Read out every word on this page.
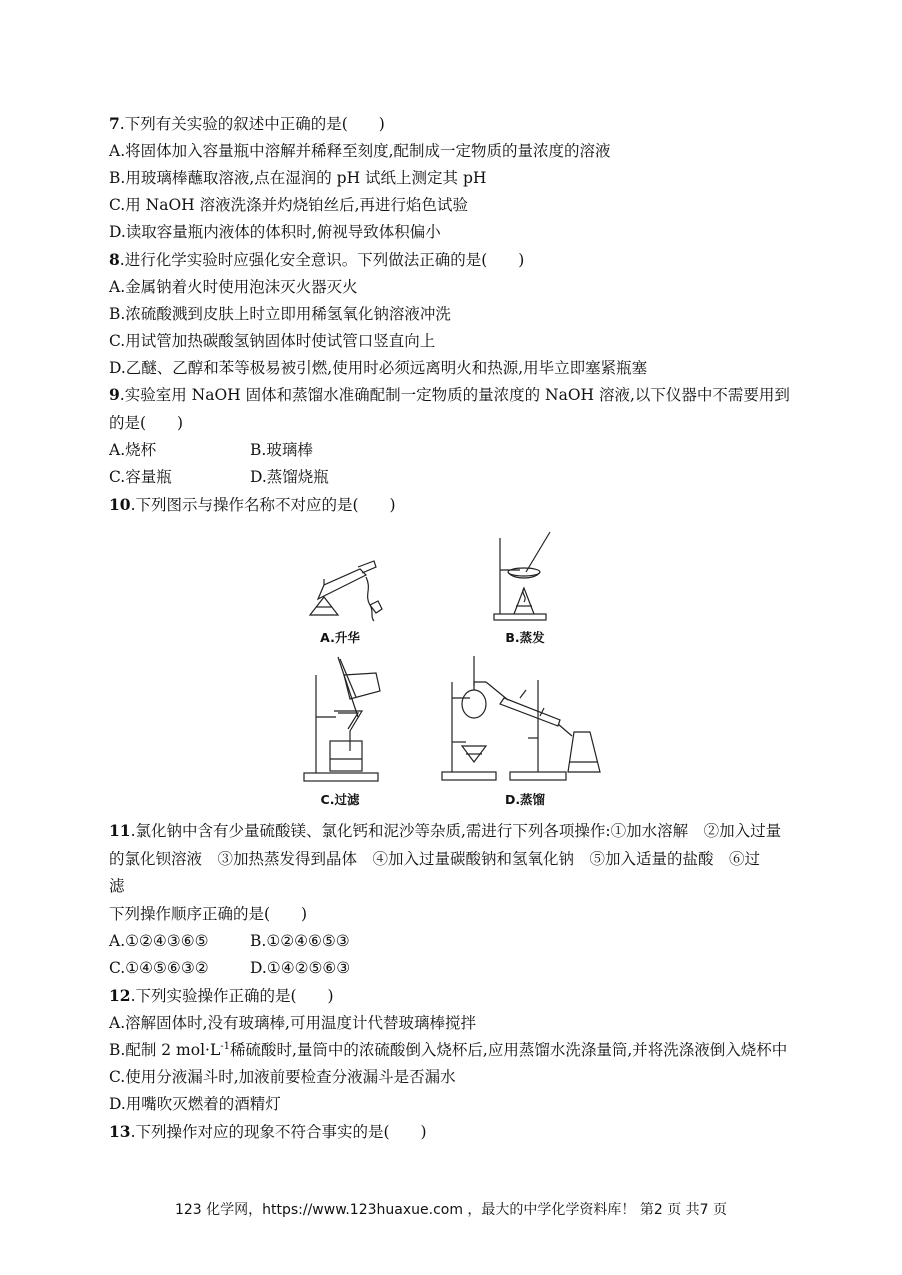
7.下列有关实验的叙述中正确的是(　　)
A.将固体加入容量瓶中溶解并稀释至刻度,配制成一定物质的量浓度的溶液
B.用玻璃棒蘸取溶液,点在湿润的 pH 试纸上测定其 pH
C.用 NaOH 溶液洗涤并灼烧铂丝后,再进行焰色试验
D.读取容量瓶内液体的体积时,俯视导致体积偏小
8.进行化学实验时应强化安全意识。下列做法正确的是(　　)
A.金属钠着火时使用泡沫灭火器灭火
B.浓硫酸溅到皮肤上时立即用稀氢氧化钠溶液冲洗
C.用试管加热碳酸氢钠固体时使试管口竖直向上
D.乙醚、乙醇和苯等极易被引燃,使用时必须远离明火和热源,用毕立即塞紧瓶塞
9.实验室用 NaOH 固体和蒸馏水准确配制一定物质的量浓度的 NaOH 溶液,以下仪器中不需要用到
的是(　　)
A.烧杯	B.玻璃棒
C.容量瓶	D.蒸馏烧瓶
10.下列图示与操作名称不对应的是(　　)
A.升华	B.蒸发
C.过滤	D.蒸馏
11.氯化钠中含有少量硫酸镁、氯化钙和泥沙等杂质,需进行下列各项操作:①加水溶解　②加入过量
的氯化钡溶液　③加热蒸发得到晶体　④加入过量碳酸钠和氢氧化钠　⑤加入适量的盐酸　⑥过
滤
下列操作顺序正确的是(　　)
A.①②④③⑥⑤	B.①②④⑥⑤③
C.①④⑤⑥③②	D.①④②⑤⑥③
12.下列实验操作正确的是(　　)
A.溶解固体时,没有玻璃棒,可用温度计代替玻璃棒搅拌
B.配制 2 $mol\cdot L^{-1}$稀硫酸时,量筒中的浓硫酸倒入烧杯后,应用蒸馏水洗涤量筒,并将洗涤液倒入烧杯中
C.使用分液漏斗时,加液前要检查分液漏斗是否漏水
D.用嘴吹灭燃着的酒精灯
13.下列操作对应的现象不符合事实的是(　　)
123 化学网，https://www.123huaxue.com ，最大的中学化学资料库！ 第2 页 共7 页
